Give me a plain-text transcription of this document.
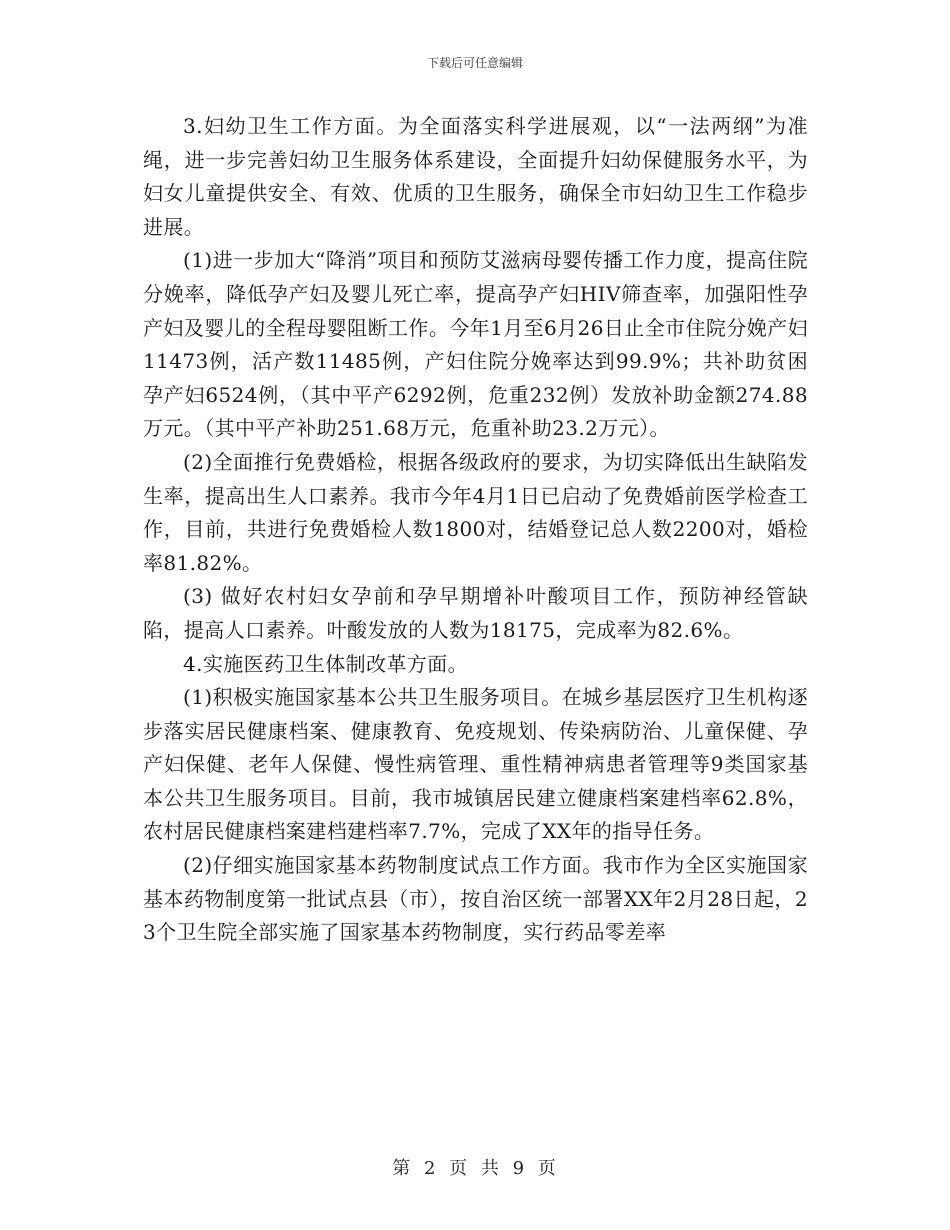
下载后可任意编辑

3.妇幼卫生工作方面。为全面落实科学进展观，以“一法两纲”为准绳，进一步完善妇幼卫生服务体系建设，全面提升妇幼保健服务水平，为妇女儿童提供安全、有效、优质的卫生服务，确保全市妇幼卫生工作稳步进展。

(1)进一步加大“降消”项目和预防艾滋病母婴传播工作力度，提高住院分娩率，降低孕产妇及婴儿死亡率，提高孕产妇HIV筛查率，加强阳性孕产妇及婴儿的全程母婴阻断工作。今年1月至6月26日止全市住院分娩产妇11473例，活产数11485例，产妇住院分娩率达到99.9%；共补助贫困孕产妇6524例，（其中平产6292例，危重232例）发放补助金额274.88万元。（其中平产补助251.68万元，危重补助23.2万元）。

(2)全面推行免费婚检，根据各级政府的要求，为切实降低出生缺陷发生率，提高出生人口素养。我市今年4月1日已启动了免费婚前医学检查工作，目前，共进行免费婚检人数1800对，结婚登记总人数2200对，婚检率81.82%。

(3) 做好农村妇女孕前和孕早期增补叶酸项目工作，预防神经管缺陷，提高人口素养。叶酸发放的人数为18175，完成率为82.6%。

4.实施医药卫生体制改革方面。

(1)积极实施国家基本公共卫生服务项目。在城乡基层医疗卫生机构逐步落实居民健康档案、健康教育、免疫规划、传染病防治、儿童保健、孕产妇保健、老年人保健、慢性病管理、重性精神病患者管理等9类国家基本公共卫生服务项目。目前，我市城镇居民建立健康档案建档率62.8%，农村居民健康档案建档建档率7.7%，完成了XX年的指导任务。

(2)仔细实施国家基本药物制度试点工作方面。我市作为全区实施国家基本药物制度第一批试点县（市），按自治区统一部署XX年2月28日起，23个卫生院全部实施了国家基本药物制度，实行药品零差率

第 2 页 共 9 页
